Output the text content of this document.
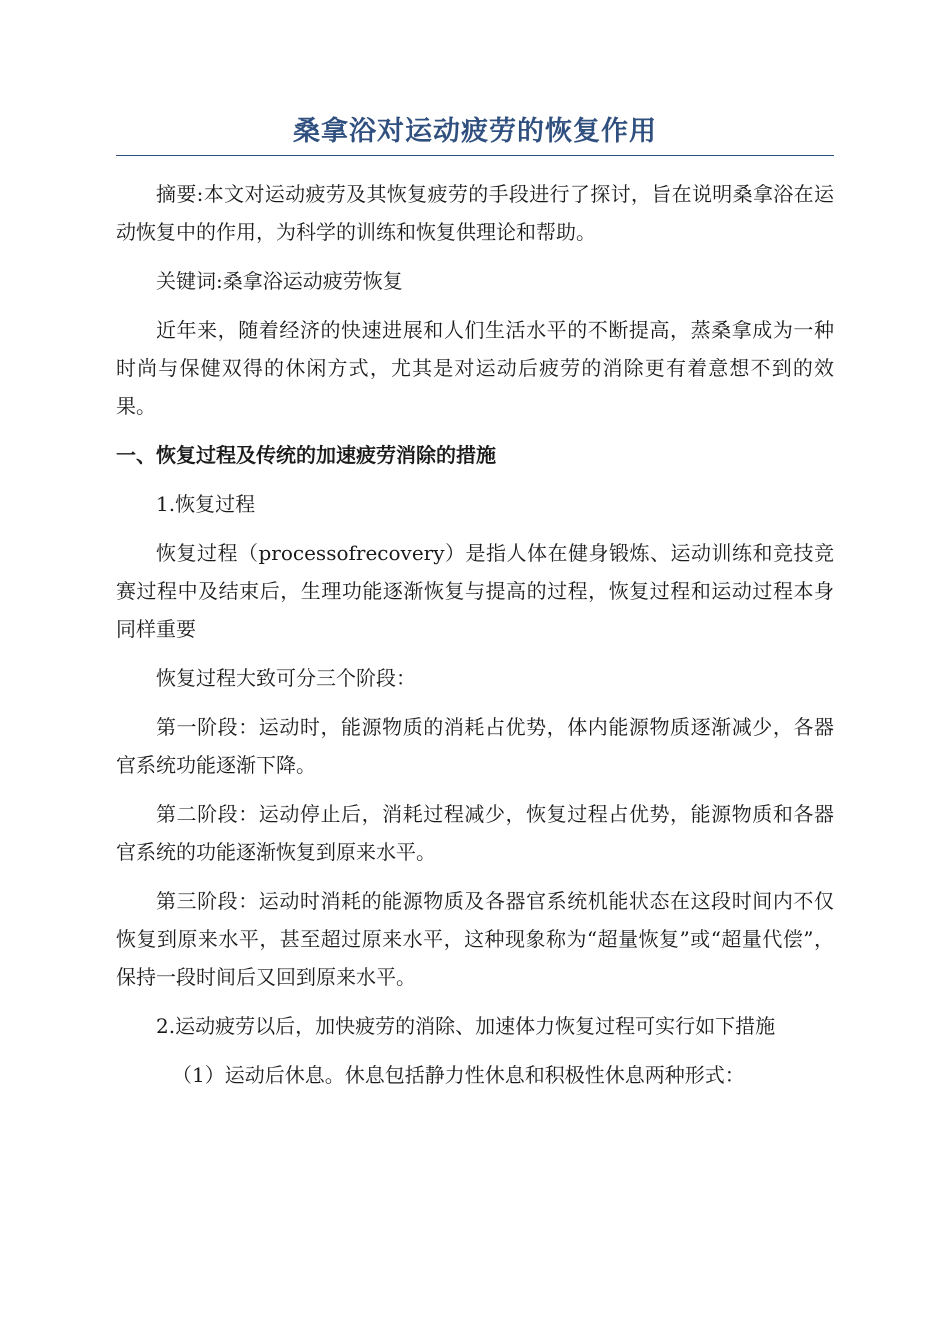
桑拿浴对运动疲劳的恢复作用

摘要:本文对运动疲劳及其恢复疲劳的手段进行了探讨，旨在说明桑拿浴在运动恢复中的作用，为科学的训练和恢复供理论和帮助。

关键词:桑拿浴运动疲劳恢复

近年来，随着经济的快速进展和人们生活水平的不断提高，蒸桑拿成为一种时尚与保健双得的休闲方式，尤其是对运动后疲劳的消除更有着意想不到的效果。

一、恢复过程及传统的加速疲劳消除的措施

1.恢复过程

恢复过程（processofrecovery）是指人体在健身锻炼、运动训练和竞技竞赛过程中及结束后，生理功能逐渐恢复与提高的过程，恢复过程和运动过程本身同样重要

恢复过程大致可分三个阶段：

第一阶段：运动时，能源物质的消耗占优势，体内能源物质逐渐减少，各器官系统功能逐渐下降。

第二阶段：运动停止后，消耗过程减少，恢复过程占优势，能源物质和各器官系统的功能逐渐恢复到原来水平。

第三阶段：运动时消耗的能源物质及各器官系统机能状态在这段时间内不仅恢复到原来水平，甚至超过原来水平，这种现象称为“超量恢复”或“超量代偿”，保持一段时间后又回到原来水平。

2.运动疲劳以后，加快疲劳的消除、加速体力恢复过程可实行如下措施

（1）运动后休息。休息包括静力性休息和积极性休息两种形式：
